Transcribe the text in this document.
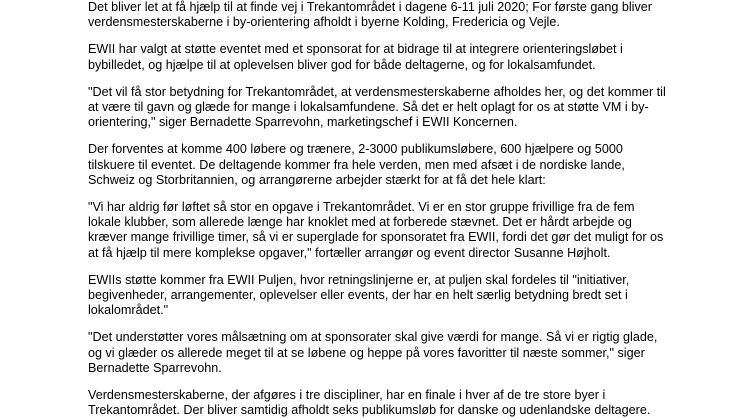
Det bliver let at få hjælp til at finde vej i Trekantområdet i dagene 6-11 juli 2020; For første gang bliver verdensmesterskaberne i by-orientering afholdt i byerne Kolding, Fredericia og Vejle.

EWII har valgt at støtte eventet med et sponsorat for at bidrage til at integrere orienteringsløbet i bybilledet, og hjælpe til at oplevelsen bliver god for både deltagerne, og for lokalsamfundet.

"Det vil få stor betydning for Trekantområdet, at verdensmesterskaberne afholdes her, og det kommer til at være til gavn og glæde for mange i lokalsamfundene. Så det er helt oplagt for os at støtte VM i by-orientering," siger Bernadette Sparrevohn, marketingschef i EWII Koncernen.

Der forventes at komme 400 løbere og trænere, 2-3000 publikumsløbere, 600 hjælpere og 5000 tilskuere til eventet. De deltagende kommer fra hele verden, men med afsæt i de nordiske lande, Schweiz og Storbritannien, og arrangørerne arbejder stærkt for at få det hele klart:

"Vi har aldrig før løftet så stor en opgave i Trekantområdet. Vi er en stor gruppe frivillige fra de fem lokale klubber, som allerede længe har knoklet med at forberede stævnet. Det er hårdt arbejde og kræver mange frivillige timer, så vi er superglade for sponsoratet fra EWII, fordi det gør det muligt for os at få hjælp til mere komplekse opgaver," fortæller arrangør og event director Susanne Højholt.

EWIIs støtte kommer fra EWII Puljen, hvor retningslinjerne er, at puljen skal fordeles til "initiativer, begivenheder, arrangementer, oplevelser eller events, der har en helt særlig betydning bredt set i lokalområdet."

"Det understøtter vores målsætning om at sponsorater skal give værdi for mange. Så vi er rigtig glade, og vi glæder os allerede meget til at se løbene og heppe på vores favoritter til næste sommer," siger Bernadette Sparrevohn.

Verdensmesterskaberne, der afgøres i tre discipliner, har en finale i hver af de tre store byer i Trekantområdet. Der bliver samtidig afholdt seks publikumsløb for danske og udenlandske deltagere.
